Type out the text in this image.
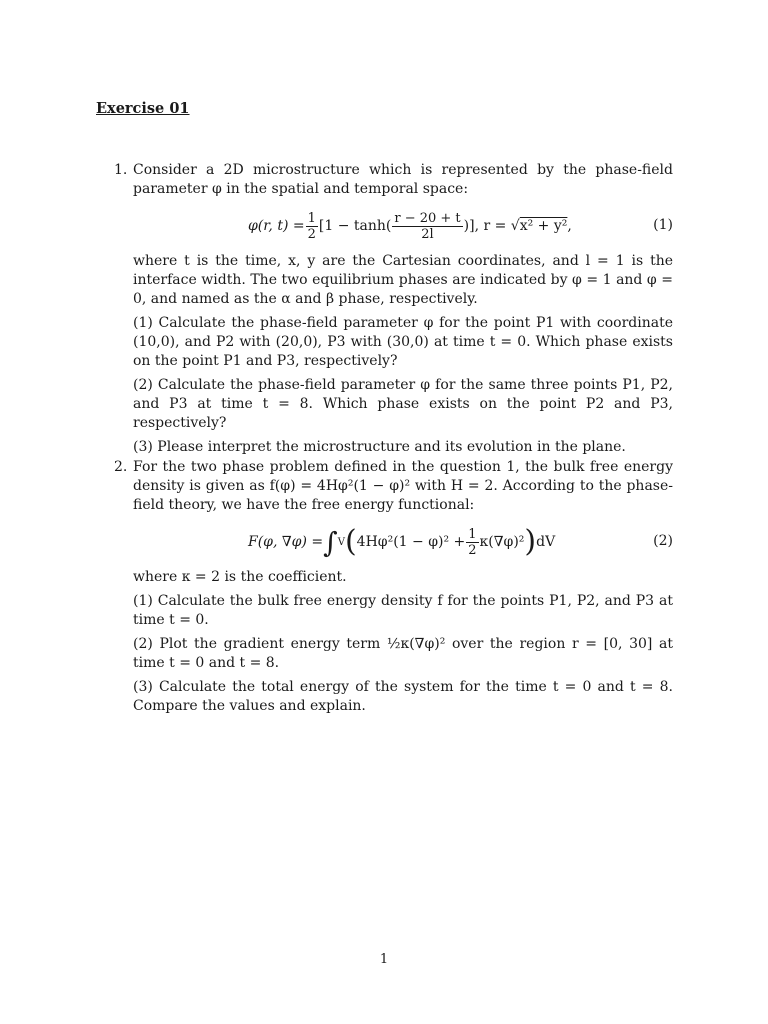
Exercise 01
1. Consider a 2D microstructure which is represented by the phase-field parameter φ in the spatial and temporal space:

φ(r, $t) = \frac{1}{2} [1 - \tanh( \frac{r - 20 + t}{2l}$ )], r = √ x² + y² ,	(1)

where t is the time, x, y are the Cartesian coordinates, and l = 1 is the interface width. The two equilibrium phases are indicated by φ = 1 and φ = 0, and named as the α and β phase, respectively.

(1) Calculate the phase-field parameter φ for the point P1 with coordinate (10,0), and P2 with (20,0), P3 with (30,0) at time t = 0. Which phase exists on the point P1 and P3, respectively?

(2) Calculate the phase-field parameter φ for the same three points P1, P2, and P3 at time t = 8. Which phase exists on the point P2 and P3, respectively?

(3) Please interpret the microstructure and its evolution in the plane.

2. For the two phase problem defined in the question 1, the bulk free energy density is given as f(φ) = 4Hφ²(1 − φ)² with H = 2. According to the phase-field theory, we have the free energy functional:

F(φ, ∇φ) = ∫ V ( $4H\varphi^2(1 - \varphi)^2 + \frac{1}{2} \kappa(\nabla\varphi)^2$ ) dV	(2)

where κ = 2 is the coefficient.

(1) Calculate the bulk free energy density f for the points P1, P2, and P3 at time t = 0.

(2) Plot the gradient energy term ½κ(∇φ)² over the region r = [0, 30] at time t = 0 and t = 8.

(3) Calculate the total energy of the system for the time t = 0 and t = 8. Compare the values and explain.

1
